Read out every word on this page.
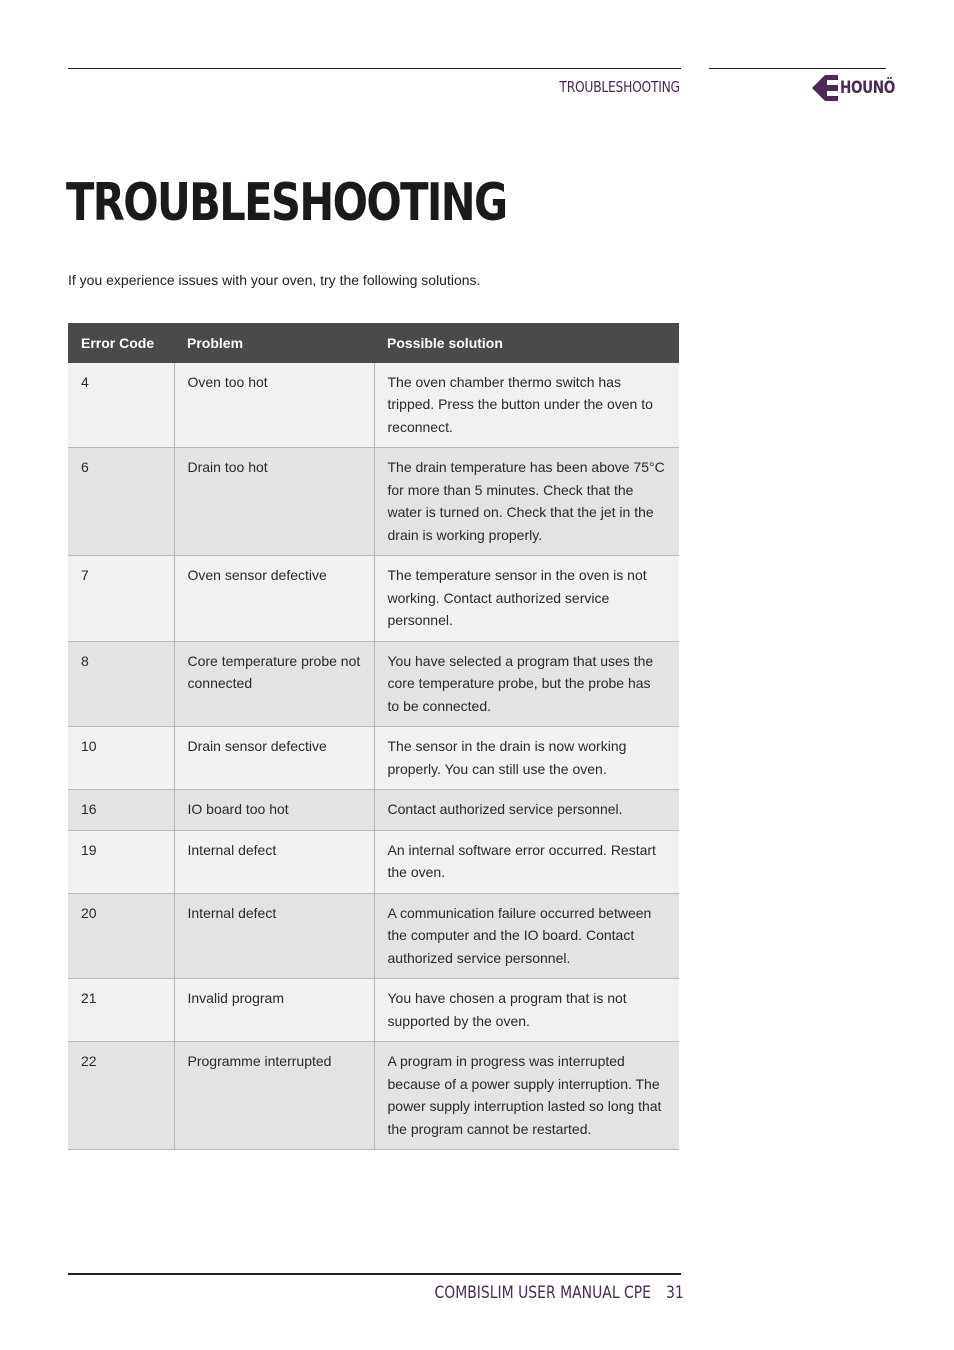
TROUBLESHOOTING	HOUNÖ
TROUBLESHOOTING

If you experience issues with your oven, try the following solutions.

Error Code	Problem	Possible solution
4	Oven too hot	The oven chamber thermo switch has tripped. Press the button under the oven to reconnect.
6	Drain too hot	The drain temperature has been above 75°C for more than 5 minutes. Check that the water is turned on. Check that the jet in the drain is working properly.
7	Oven sensor defective	The temperature sensor in the oven is not working. Contact authorized service personnel.
8	Core temperature probe not connected	You have selected a program that uses the core temperature probe, but the probe has to be connected.
10	Drain sensor defective	The sensor in the drain is now working properly. You can still use the oven.
16	IO board too hot	Contact authorized service personnel.
19	Internal defect	An internal software error occurred. Restart the oven.
20	Internal defect	A communication failure occurred between the computer and the IO board. Contact authorized service personnel.
21	Invalid program	You have chosen a program that is not supported by the oven.
22	Programme interrupted	A program in progress was interrupted because of a power supply interruption. The power supply interruption lasted so long that the program cannot be restarted.
COMBISLIM USER MANUAL CPE 31
